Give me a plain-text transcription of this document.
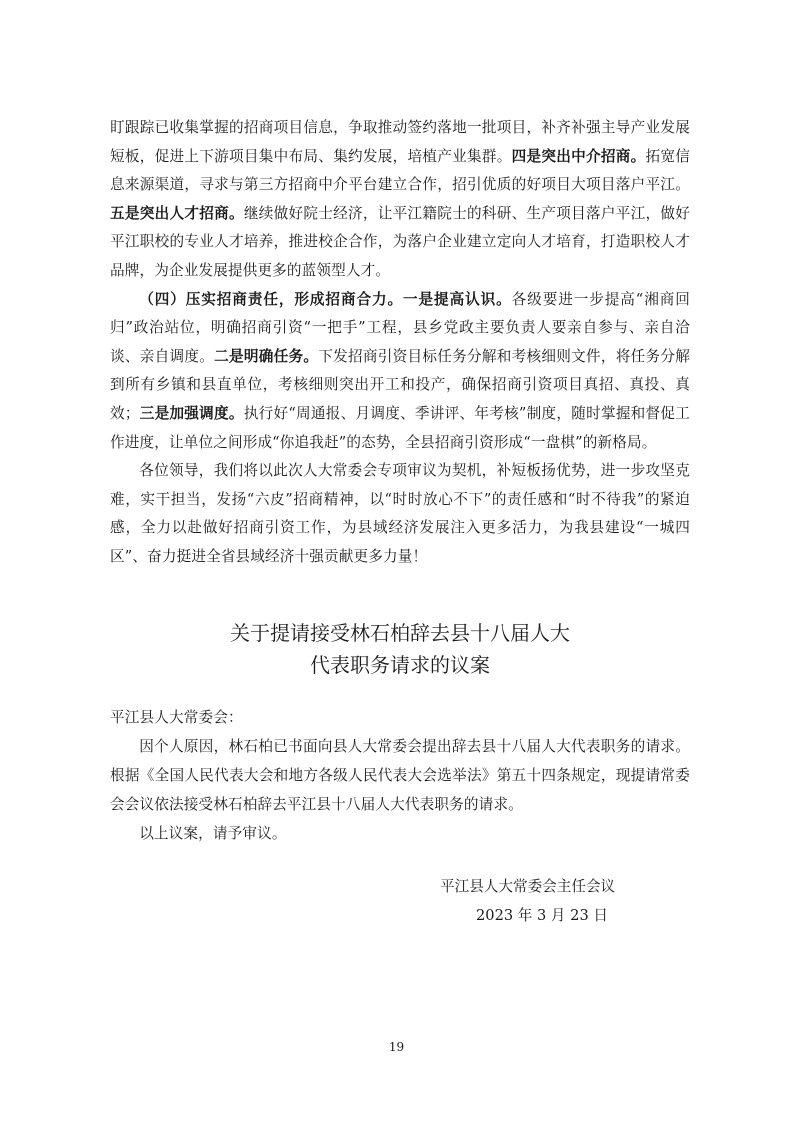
盯跟踪已收集掌握的招商项目信息，争取推动签约落地一批项目，补齐补强主导产业发展短板，促进上下游项目集中布局、集约发展，培植产业集群。四是突出中介招商。拓宽信息来源渠道，寻求与第三方招商中介平台建立合作，招引优质的好项目大项目落户平江。五是突出人才招商。继续做好院士经济，让平江籍院士的科研、生产项目落户平江，做好平江职校的专业人才培养，推进校企合作，为落户企业建立定向人才培育，打造职校人才品牌，为企业发展提供更多的蓝领型人才。

（四）压实招商责任，形成招商合力。一是提高认识。各级要进一步提高“湘商回归”政治站位，明确招商引资“一把手”工程，县乡党政主要负责人要亲自参与、亲自洽谈、亲自调度。二是明确任务。下发招商引资目标任务分解和考核细则文件，将任务分解到所有乡镇和县直单位，考核细则突出开工和投产，确保招商引资项目真招、真投、真效；三是加强调度。执行好“周通报、月调度、季讲评、年考核”制度，随时掌握和督促工作进度，让单位之间形成“你追我赶”的态势，全县招商引资形成“一盘棋”的新格局。

各位领导，我们将以此次人大常委会专项审议为契机，补短板扬优势，进一步攻坚克难，实干担当，发扬“六皮”招商精神，以“时时放心不下”的责任感和“时不待我”的紧迫感，全力以赴做好招商引资工作，为县域经济发展注入更多活力，为我县建设“一城四区”、奋力挺进全省县域经济十强贡献更多力量！

关于提请接受林石柏辞去县十八届人大
代表职务请求的议案

平江县人大常委会：

因个人原因，林石柏已书面向县人大常委会提出辞去县十八届人大代表职务的请求。根据《全国人民代表大会和地方各级人民代表大会选举法》第五十四条规定，现提请常委会会议依法接受林石柏辞去平江县十八届人大代表职务的请求。

以上议案，请予审议。

平江县人大常委会主任会议
2023 年 3 月 23 日
19
